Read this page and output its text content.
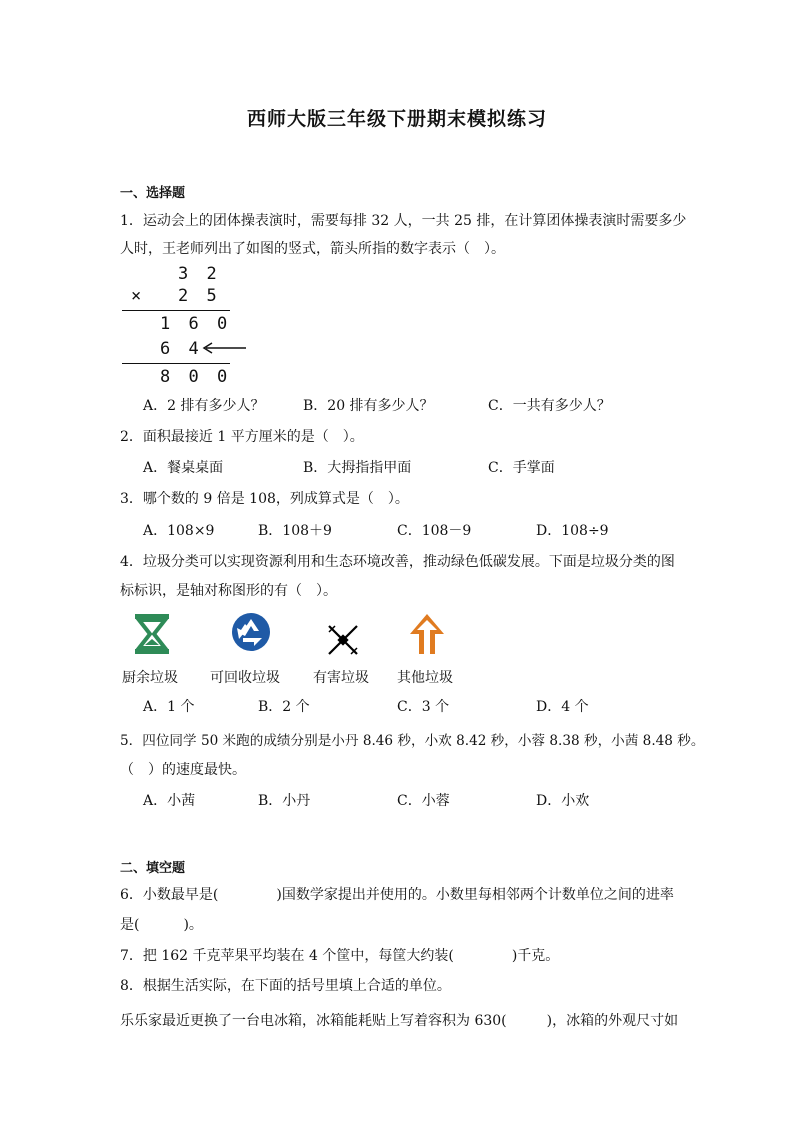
西师大版三年级下册期末模拟练习
一、选择题
1．运动会上的团体操表演时，需要每排 32 人，一共 25 排，在计算团体操表演时需要多少
人时，王老师列出了如图的竖式，箭头所指的数字表示（　）。
3 2
× 2 5
1 6 0
6 4
8 0 0
A．2 排有多少人？	B．20 排有多少人？	C．一共有多少人？
2．面积最接近 1 平方厘米的是（　）。
A．餐桌桌面	B．大拇指指甲面	C．手掌面
3．哪个数的 9 倍是 108，列成算式是（　）。
A．108×9	B．108＋9	C．108－9	D．108÷9
4．垃圾分类可以实现资源利用和生态环境改善，推动绿色低碳发展。下面是垃圾分类的图
标标识，是轴对称图形的有（　）。
厨余垃圾 可回收垃圾 有害垃圾 其他垃圾
A．1 个	B．2 个	C．3 个	D．4 个
5．四位同学 50 米跑的成绩分别是小丹 8.46 秒，小欢 8.42 秒，小蓉 8.38 秒，小茜 8.48 秒。
（　）的速度最快。
A．小茜	B．小丹	C．小蓉	D．小欢
二、填空题
6．小数最早是(	)国数学家提出并使用的。小数里每相邻两个计数单位之间的进率
是(	)。
7．把 162 千克苹果平均装在 4 个筐中，每筐大约装(	)千克。
8．根据生活实际，在下面的括号里填上合适的单位。
乐乐家最近更换了一台电冰箱，冰箱能耗贴上写着容积为 630(	)，冰箱的外观尺寸如
